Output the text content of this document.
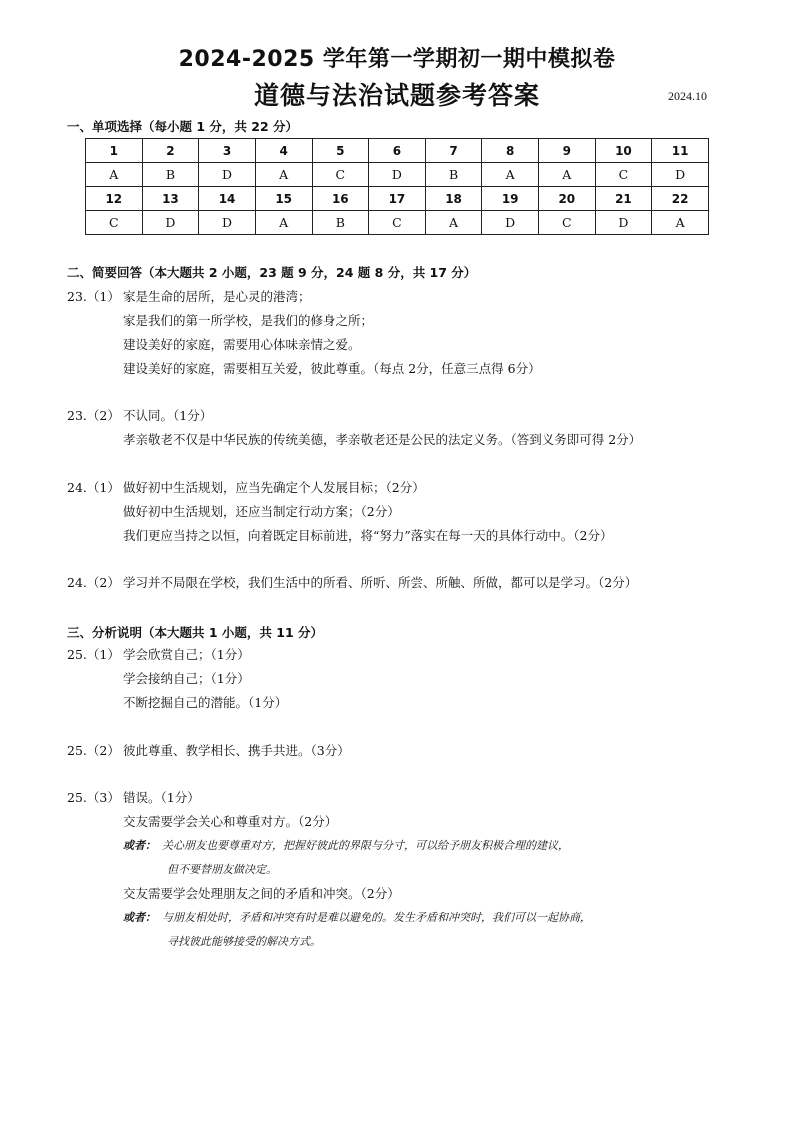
2024-2025 学年第一学期初一期中模拟卷
道德与法治试题参考答案	2024.10
一、单项选择（每小题 1 分，共 22 分）
1	2	3	4	5	6	7	8	9	10	11
A	B	D	A	C	D	B	A	A	C	D
12	13	14	15	16	17	18	19	20	21	22
C	D	D	A	B	C	A	D	C	D	A
二、简要回答（本大题共 2 小题，23 题 9 分，24 题 8 分，共 17 分）
23.（1） 家是生命的居所，是心灵的港湾；
家是我们的第一所学校，是我们的修身之所；
建设美好的家庭，需要用心体味亲情之爱。
建设美好的家庭，需要相互关爱，彼此尊重。（每点 2分，任意三点得 6分）
23.（2） 不认同。（1分）
孝亲敬老不仅是中华民族的传统美德，孝亲敬老还是公民的法定义务。（答到义务即可得 2分）
24.（1） 做好初中生活规划，应当先确定个人发展目标；（2分）
做好初中生活规划，还应当制定行动方案；（2分）
我们更应当持之以恒，向着既定目标前进，将“努力”落实在每一天的具体行动中。（2分）
24.（2） 学习并不局限在学校，我们生活中的所看、所听、所尝、所触、所做，都可以是学习。（2分）
三、分析说明（本大题共 1 小题，共 11 分）
25.（1） 学会欣赏自己；（1分）
学会接纳自己；（1分）
不断挖掘自己的潜能。（1分）
25.（2） 彼此尊重、教学相长、携手共进。（3分）
25.（3） 错误。（1分）
交友需要学会关心和尊重对方。（2分）
或者： 关心朋友也要尊重对方，把握好彼此的界限与分寸，可以给予朋友积极合理的建议，
但不要替朋友做决定。
交友需要学会处理朋友之间的矛盾和冲突。（2分）
或者： 与朋友相处时，矛盾和冲突有时是难以避免的。发生矛盾和冲突时，我们可以一起协商，
寻找彼此能够接受的解决方式。
